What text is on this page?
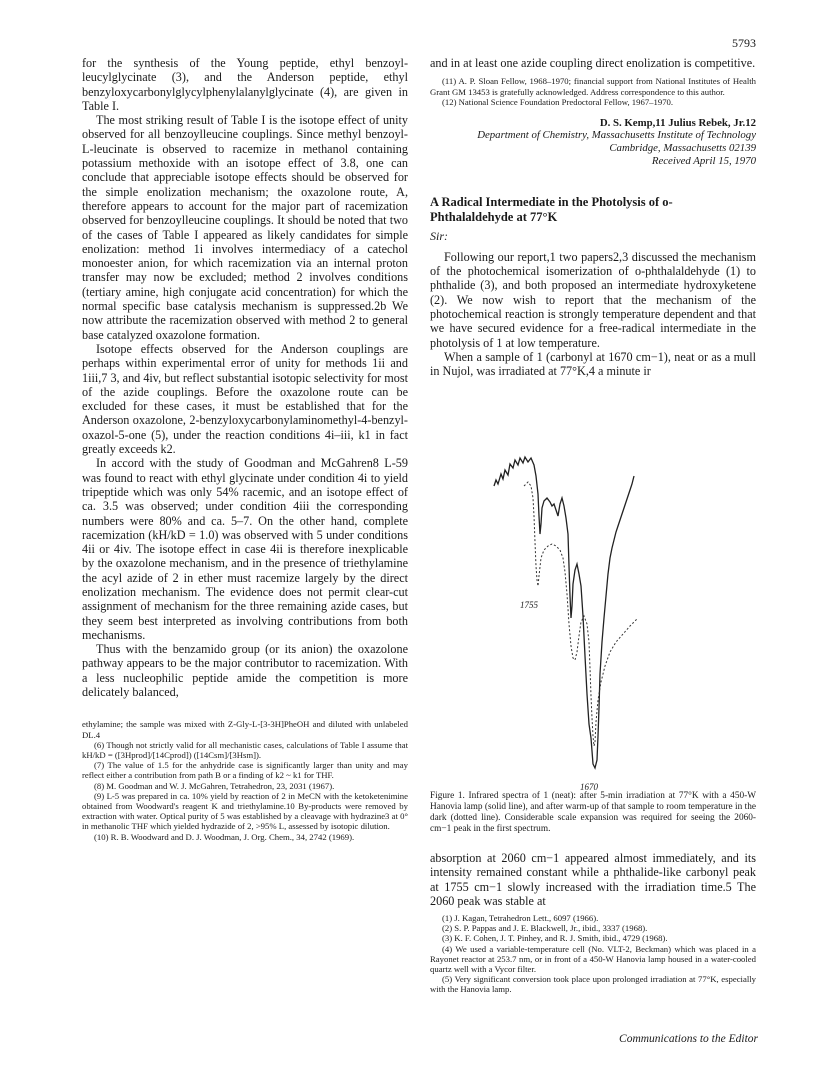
5793

for the synthesis of the Young peptide, ethyl benzoyl-leucylglycinate (3), and the Anderson peptide, ethyl benzyloxycarbonylglycylphenylalanylglycinate (4), are given in Table I.

The most striking result of Table I is the isotope effect of unity observed for all benzoylleucine couplings. Since methyl benzoyl-L-leucinate is observed to racemize in methanol containing potassium methoxide with an isotope effect of 3.8, one can conclude that appreciable isotope effects should be observed for the simple enolization mechanism; the oxazolone route, A, therefore appears to account for the major part of racemization observed for benzoylleucine couplings. It should be noted that two of the cases of Table I appeared as likely candidates for simple enolization: method 1i involves intermediacy of a catechol monoester anion, for which racemization via an internal proton transfer may now be excluded; method 2 involves conditions (tertiary amine, high conjugate acid concentration) for which the normal specific base catalysis mechanism is suppressed.2b We now attribute the racemization observed with method 2 to general base catalyzed oxazolone formation.

Isotope effects observed for the Anderson couplings are perhaps within experimental error of unity for methods 1ii and 1iii,7 3, and 4iv, but reflect substantial isotopic selectivity for most of the azide couplings. Before the oxazolone route can be excluded for these cases, it must be established that for the Anderson oxazolone, 2-benzyloxycarbonylaminomethyl-4-benzyl-oxazol-5-one (5), under the reaction conditions 4i–iii, k1 in fact greatly exceeds k2.

In accord with the study of Goodman and McGahren8 L-59 was found to react with ethyl glycinate under condition 4i to yield tripeptide which was only 54% racemic, and an isotope effect of ca. 3.5 was observed; under condition 4iii the corresponding numbers were 80% and ca. 5–7. On the other hand, complete racemization (kH/kD = 1.0) was observed with 5 under conditions 4ii or 4iv. The isotope effect in case 4ii is therefore inexplicable by the oxazolone mechanism, and in the presence of triethylamine the acyl azide of 2 in ether must racemize largely by the direct enolization mechanism. The evidence does not permit clear-cut assignment of mechanism for the three remaining azide cases, but they seem best interpreted as involving contributions from both mechanisms.

Thus with the benzamido group (or its anion) the oxazolone pathway appears to be the major contributor to racemization. With a less nucleophilic peptide amide the competition is more delicately balanced,

ethylamine; the sample was mixed with Z-Gly-L-[3-3H]PheOH and diluted with unlabeled DL.4

(6) Though not strictly valid for all mechanistic cases, calculations of Table I assume that kH/kD = ([3Hprod]/[14Cprod]) ([14Csm]/[3Hsm]).

(7) The value of 1.5 for the anhydride case is significantly larger than unity and may reflect either a contribution from path B or a finding of k2 ~ k1 for THF.

(8) M. Goodman and W. J. McGahren, Tetrahedron, 23, 2031 (1967).

(9) L-5 was prepared in ca. 10% yield by reaction of 2 in MeCN with the ketoketenimine obtained from Woodward's reagent K and triethylamine.10 By-products were removed by extraction with water. Optical purity of 5 was established by a cleavage with hydrazine3 at 0° in methanolic THF which yielded hydrazide of 2, >95% L, assessed by isotopic dilution.

(10) R. B. Woodward and D. J. Woodman, J. Org. Chem., 34, 2742 (1969).

and in at least one azide coupling direct enolization is competitive.

(11) A. P. Sloan Fellow, 1968–1970; financial support from National Institutes of Health Grant GM 13453 is gratefully acknowledged. Address correspondence to this author.

(12) National Science Foundation Predoctoral Fellow, 1967–1970.

D. S. Kemp,11 Julius Rebek, Jr.12
Department of Chemistry, Massachusetts Institute of Technology
Cambridge, Massachusetts 02139
Received April 15, 1970
A Radical Intermediate in the Photolysis of o-Phthalaldehyde at 77°K
Sir:

Following our report,1 two papers2,3 discussed the mechanism of the photochemical isomerization of o-phthalaldehyde (1) to phthalide (3), and both proposed an intermediate hydroxyketene (2). We now wish to report that the mechanism of the photochemical reaction is strongly temperature dependent and that we have secured evidence for a free-radical intermediate in the photolysis of 1 at low temperature.

When a sample of 1 (carbonyl at 1670 cm−1), neat or as a mull in Nujol, was irradiated at 77°K,4 a minute ir

1755
1670
Figure 1. Infrared spectra of 1 (neat): after 5-min irradiation at 77°K with a 450-W Hanovia lamp (solid line), and after warm-up of that sample to room temperature in the dark (dotted line). Considerable scale expansion was required for seeing the 2060-cm−1 peak in the first spectrum.

absorption at 2060 cm−1 appeared almost immediately, and its intensity remained constant while a phthalide-like carbonyl peak at 1755 cm−1 slowly increased with the irradiation time.5 The 2060 peak was stable at

(1) J. Kagan, Tetrahedron Lett., 6097 (1966).

(2) S. P. Pappas and J. E. Blackwell, Jr., ibid., 3337 (1968).

(3) K. F. Cohen, J. T. Pinhey, and R. J. Smith, ibid., 4729 (1968).

(4) We used a variable-temperature cell (No. VLT-2, Beckman) which was placed in a Rayonet reactor at 253.7 nm, or in front of a 450-W Hanovia lamp housed in a water-cooled quartz well with a Vycor filter.

(5) Very significant conversion took place upon prolonged irradiation at 77°K, especially with the Hanovia lamp.

Communications to the Editor
